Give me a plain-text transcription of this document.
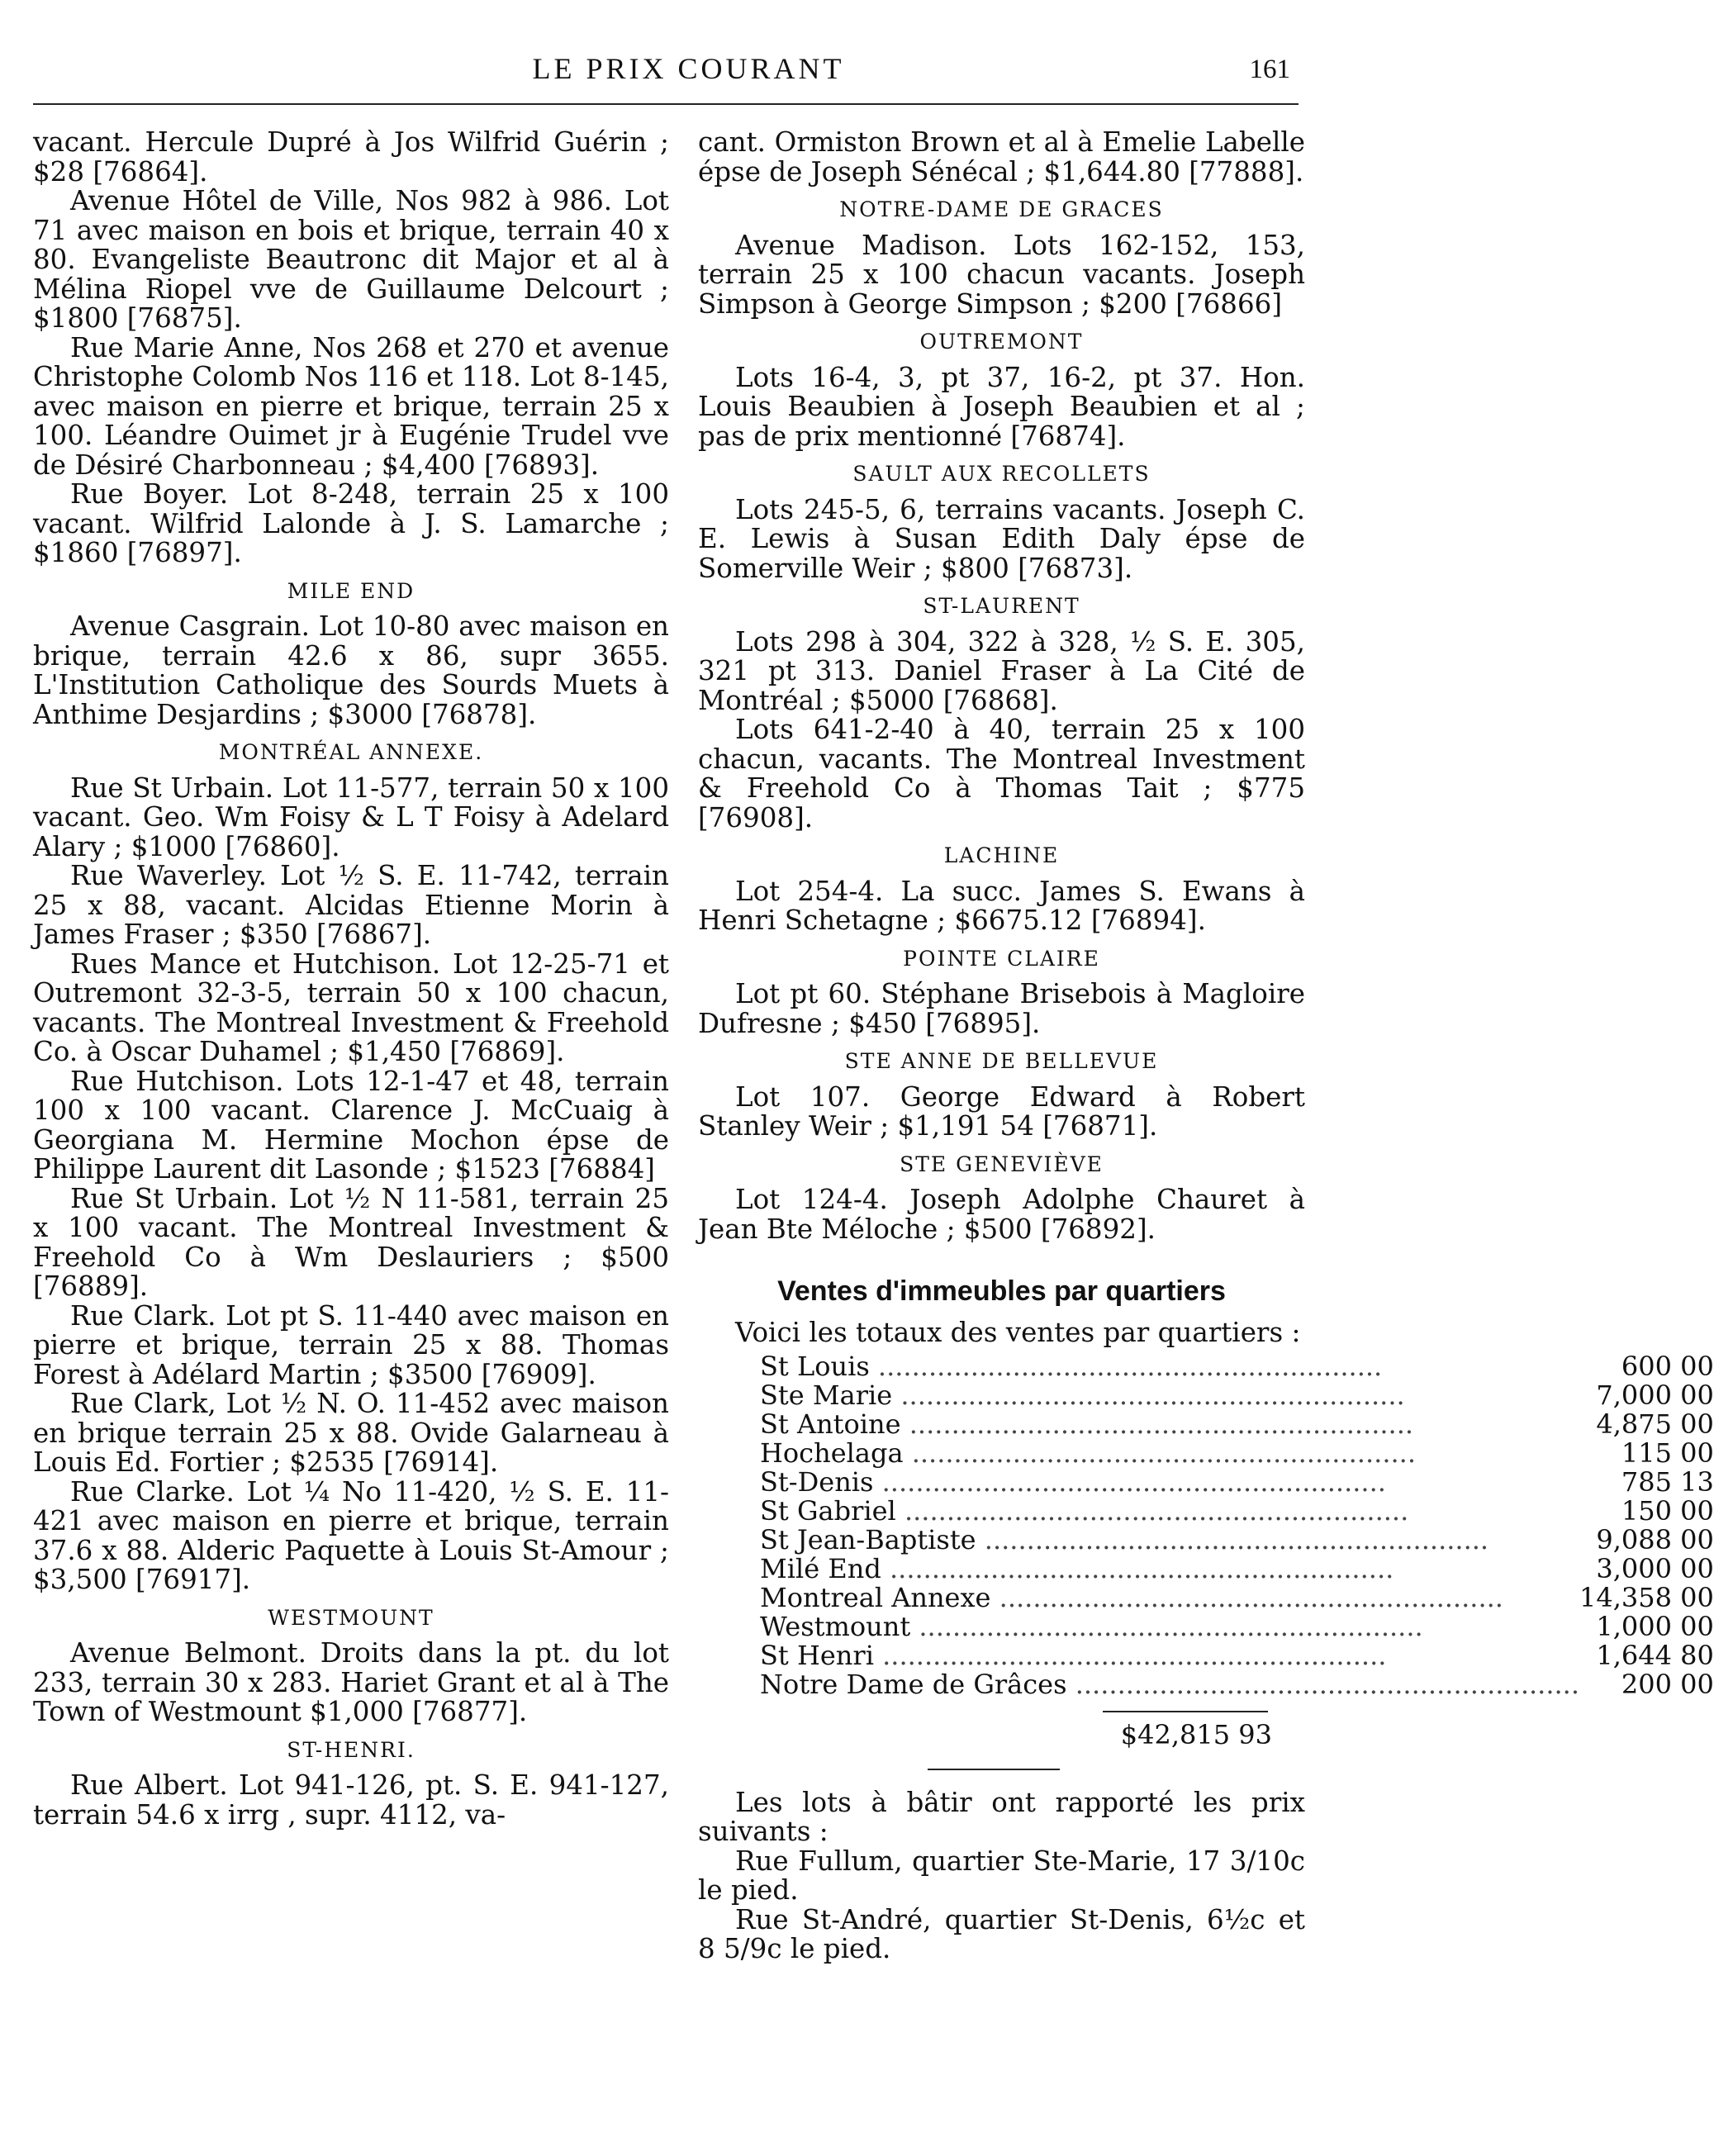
LE PRIX COURANT	161

vacant. Hercule Dupré à Jos Wilfrid Guérin ; $28 [76864].

Avenue Hôtel de Ville, Nos 982 à 986. Lot 71 avec maison en bois et brique, terrain 40 x 80. Evangeliste Beautronc dit Major et al à Mélina Riopel vve de Guillaume Delcourt ; $1800 [76875].

Rue Marie Anne, Nos 268 et 270 et avenue Christophe Colomb Nos 116 et 118. Lot 8-145, avec maison en pierre et brique, terrain 25 x 100. Léandre Ouimet jr à Eugénie Trudel vve de Désiré Charbonneau ; $4,400 [76893].

Rue Boyer. Lot 8-248, terrain 25 x 100 vacant. Wilfrid Lalonde à J. S. Lamarche ; $1860 [76897].

MILE END

Avenue Casgrain. Lot 10-80 avec maison en brique, terrain 42.6 x 86, supr 3655. L'Institution Catholique des Sourds Muets à Anthime Desjardins ; $3000 [76878].

MONTRÉAL ANNEXE.

Rue St Urbain. Lot 11-577, terrain 50 x 100 vacant. Geo. Wm Foisy & L T Foisy à Adelard Alary ; $1000 [76860].

Rue Waverley. Lot ½ S. E. 11-742, terrain 25 x 88, vacant. Alcidas Etienne Morin à James Fraser ; $350 [76867].

Rues Mance et Hutchison. Lot 12-25-71 et Outremont 32-3-5, terrain 50 x 100 chacun, vacants. The Montreal Investment & Freehold Co. à Oscar Duhamel ; $1,450 [76869].

Rue Hutchison. Lots 12-1-47 et 48, terrain 100 x 100 vacant. Clarence J. McCuaig à Georgiana M. Hermine Mochon épse de Philippe Laurent dit Lasonde ; $1523 [76884]

Rue St Urbain. Lot ½ N 11-581, terrain 25 x 100 vacant. The Montreal Investment & Freehold Co à Wm Deslauriers ; $500 [76889].

Rue Clark. Lot pt S. 11-440 avec maison en pierre et brique, terrain 25 x 88. Thomas Forest à Adélard Martin ; $3500 [76909].

Rue Clark, Lot ½ N. O. 11-452 avec maison en brique terrain 25 x 88. Ovide Galarneau à Louis Ed. Fortier ; $2535 [76914].

Rue Clarke. Lot ¼ No 11-420, ½ S. E. 11-421 avec maison en pierre et brique, terrain 37.6 x 88. Alderic Paquette à Louis St-Amour ; $3,500 [76917].

WESTMOUNT

Avenue Belmont. Droits dans la pt. du lot 233, terrain 30 x 283. Hariet Grant et al à The Town of Westmount $1,000 [76877].

ST-HENRI.

Rue Albert. Lot 941-126, pt. S. E. 941-127, terrain 54.6 x irrg , supr. 4112, va-

cant. Ormiston Brown et al à Emelie Labelle épse de Joseph Sénécal ; $1,644.80 [77888].

NOTRE-DAME DE GRACES

Avenue Madison. Lots 162-152, 153, terrain 25 x 100 chacun vacants. Joseph Simpson à George Simpson ; $200 [76866]

OUTREMONT

Lots 16-4, 3, pt 37, 16-2, pt 37. Hon. Louis Beaubien à Joseph Beaubien et al ; pas de prix mentionné [76874].

SAULT AUX RECOLLETS

Lots 245-5, 6, terrains vacants. Joseph C. E. Lewis à Susan Edith Daly épse de Somerville Weir ; $800 [76873].

ST-LAURENT

Lots 298 à 304, 322 à 328, ½ S. E. 305, 321 pt 313. Daniel Fraser à La Cité de Montréal ; $5000 [76868].

Lots 641-2-40 à 40, terrain 25 x 100 chacun, vacants. The Montreal Investment & Freehold Co à Thomas Tait ; $775 [76908].

LACHINE

Lot 254-4. La succ. James S. Ewans à Henri Schetagne ; $6675.12 [76894].

POINTE CLAIRE

Lot pt 60. Stéphane Brisebois à Magloire Dufresne ; $450 [76895].

STE ANNE DE BELLEVUE

Lot 107. George Edward à Robert Stanley Weir ; $1,191 54 [76871].

STE GENEVIÈVE

Lot 124-4. Joseph Adolphe Chauret à Jean Bte Méloche ; $500 [76892].

Ventes d'immeubles par quartiers

Voici les totaux des ventes par quartiers :

St Louis ............................................................	600 00
Ste Marie ............................................................	7,000 00
St Antoine ............................................................	4,875 00
Hochelaga ............................................................	115 00
St-Denis ............................................................	785 13
St Gabriel ............................................................	150 00
St Jean-Baptiste ............................................................	9,088 00
Milé End ............................................................	3,000 00
Montreal Annexe ............................................................	14,358 00
Westmount ............................................................	1,000 00
St Henri ............................................................	1,644 80
Notre Dame de Grâces ............................................................	200 00
$42,815 93

Les lots à bâtir ont rapporté les prix suivants :

Rue Fullum, quartier Ste-Marie, 17 3/10c le pied.

Rue St-André, quartier St-Denis, 6½c et 8 5/9c le pied.
